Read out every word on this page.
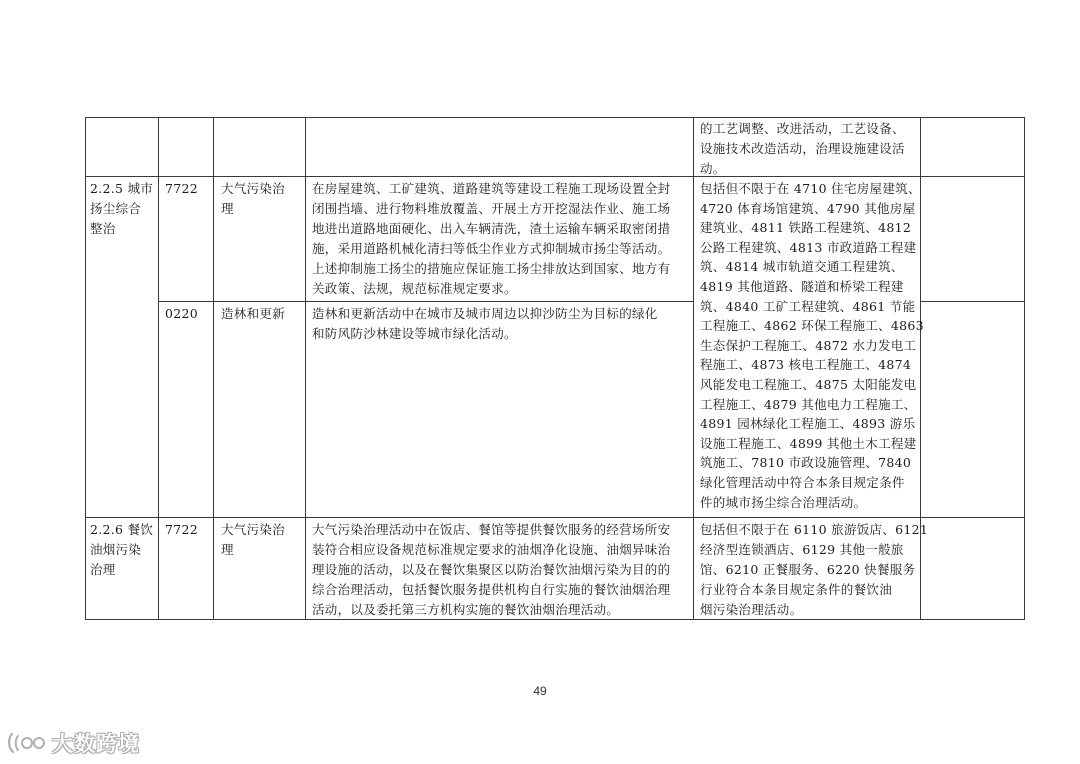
的工艺调整、改进活动，工艺设备、
设施技术改造活动，治理设施建设活
动。
2.2.5 城市
扬尘综合
整治
7722 大气污染治
理
在房屋建筑、工矿建筑、道路建筑等建设工程施工现场设置全封
闭围挡墙、进行物料堆放覆盖、开展土方开挖湿法作业、施工场
地进出道路地面硬化、出入车辆清洗，渣土运输车辆采取密闭措
施，采用道路机械化清扫等低尘作业方式抑制城市扬尘等活动。
上述抑制施工扬尘的措施应保证施工扬尘排放达到国家、地方有
关政策、法规，规范标准规定要求。
包括但不限于在 4710 住宅房屋建筑、
4720 体育场馆建筑、4790 其他房屋
建筑业、4811 铁路工程建筑、4812
公路工程建筑、4813 市政道路工程建
筑、4814 城市轨道交通工程建筑、
4819 其他道路、隧道和桥梁工程建
筑、4840 工矿工程建筑、4861 节能
工程施工、4862 环保工程施工、4863
生态保护工程施工、4872 水力发电工
程施工、4873 核电工程施工、4874
风能发电工程施工、4875 太阳能发电
工程施工、4879 其他电力工程施工、
4891 园林绿化工程施工、4893 游乐
设施工程施工、4899 其他土木工程建
筑施工、7810 市政设施管理、7840
绿化管理活动中符合本条目规定条件
件的城市扬尘综合治理活动。
0220 造林和更新 造林和更新活动中在城市及城市周边以抑沙防尘为目标的绿化
和防风防沙林建设等城市绿化活动。
2.2.6 餐饮
油烟污染
治理
7722 大气污染治
理
大气污染治理活动中在饭店、餐馆等提供餐饮服务的经营场所安
装符合相应设备规范标准规定要求的油烟净化设施、油烟异味治
理设施的活动，以及在餐饮集聚区以防治餐饮油烟污染为目的的
综合治理活动，包括餐饮服务提供机构自行实施的餐饮油烟治理
活动，以及委托第三方机构实施的餐饮油烟治理活动。
包括但不限于在 6110 旅游饭店、6121
经济型连锁酒店、6129 其他一般旅
馆、6210 正餐服务、6220 快餐服务
行业符合本条目规定条件的餐饮油
烟污染治理活动。
49
大数跨境
